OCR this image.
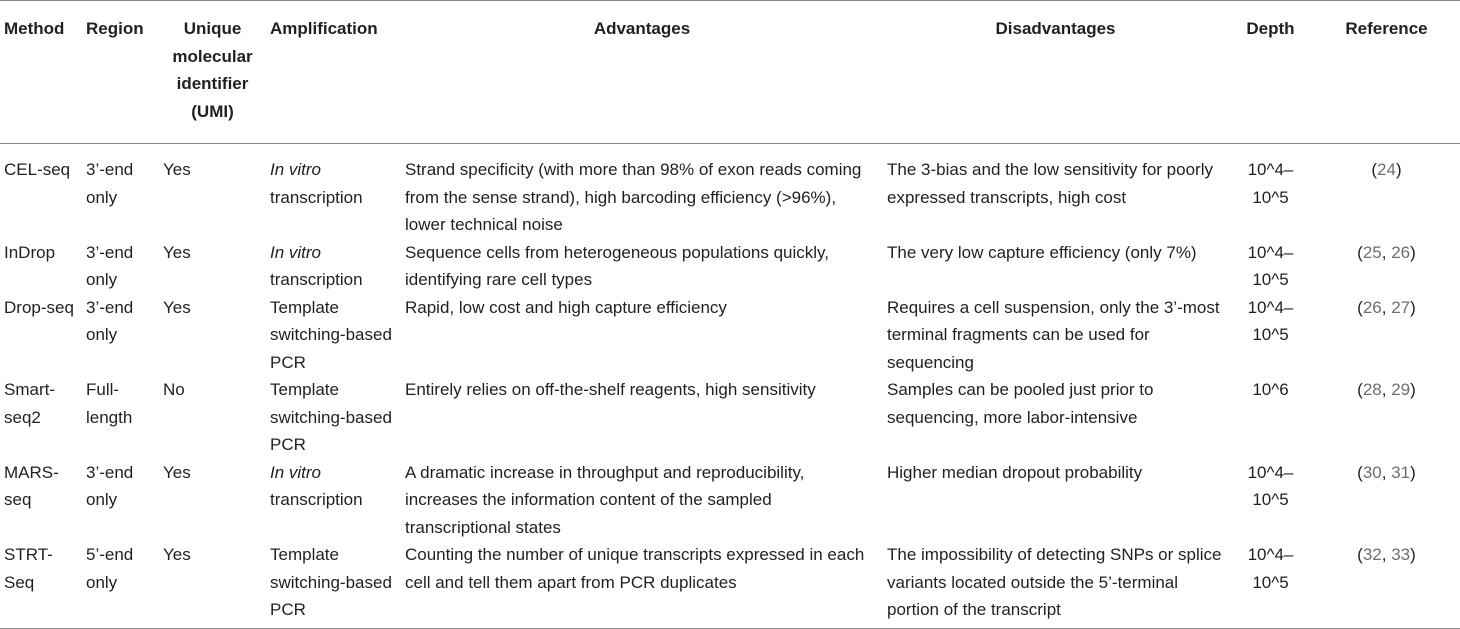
Method	Region	Unique molecular identifier (UMI)	Amplification	Advantages	Disadvantages	Depth	Reference
CEL-seq	3’-end only	Yes	In vitro transcription	Strand specificity (with more than 98% of exon reads coming from the sense strand), high barcoding efficiency (>96%), lower technical noise	The 3-bias and the low sensitivity for poorly expressed transcripts, high cost	10^4–10^5	(24)
InDrop	3’-end only	Yes	In vitro transcription	Sequence cells from heterogeneous populations quickly, identifying rare cell types	The very low capture efficiency (only 7%)	10^4–10^5	(25, 26)
Drop-seq	3’-end only	Yes	Template switching-based PCR	Rapid, low cost and high capture efficiency	Requires a cell suspension, only the 3’-most terminal fragments can be used for sequencing	10^4–10^5	(26, 27)
Smart-seq2	Full-length	No	Template switching-based PCR	Entirely relies on off-the-shelf reagents, high sensitivity	Samples can be pooled just prior to sequencing, more labor-intensive	10^6	(28, 29)
MARS-seq	3’-end only	Yes	In vitro transcription	A dramatic increase in throughput and reproducibility, increases the information content of the sampled transcriptional states	Higher median dropout probability	10^4–10^5	(30, 31)
STRT-Seq	5’-end only	Yes	Template switching-based PCR	Counting the number of unique transcripts expressed in each cell and tell them apart from PCR duplicates	The impossibility of detecting SNPs or splice variants located outside the 5’-terminal portion of the transcript	10^4–10^5	(32, 33)
